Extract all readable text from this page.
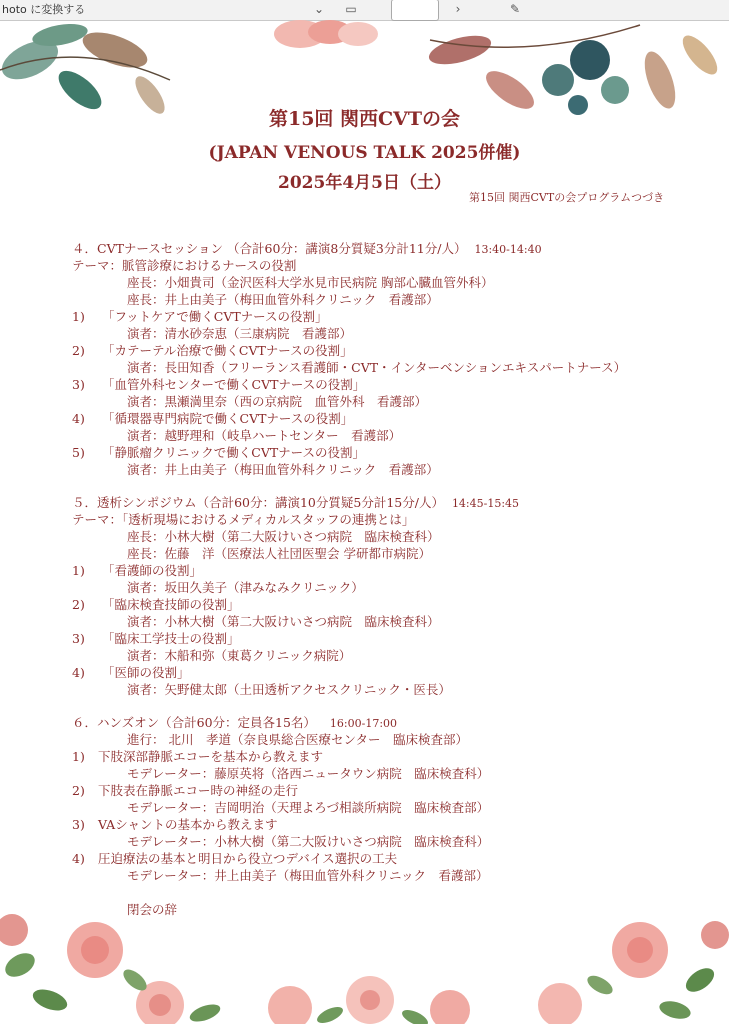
hoto に変換する	⌄ ▭	›	✎
第15回 関西CVTの会
(JAPAN VENOUS TALK 2025併催)
2025年4月5日（土）
第15回 関西CVTの会プログラムつづき
４．CVTナースセッション （合計60分：講演8分質疑3分計11分/人） 13:40-14:40
テーマ：脈管診療におけるナースの役割
座長：小畑貴司（金沢医科大学氷見市民病院 胸部心臓血管外科）
座長：井上由美子（梅田血管外科クリニック　看護部）
1) 「フットケアで働くCVTナースの役割」
演者：清水砂奈恵（三康病院　看護部）
2) 「カテーテル治療で働くCVTナースの役割」
演者：長田知香（フリーランス看護師・CVT・インターベンションエキスパートナース）
3) 「血管外科センターで働くCVTナースの役割」
演者：黒瀬満里奈（西の京病院　血管外科　看護部）
4) 「循環器専門病院で働くCVTナースの役割」
演者：越野理和（岐阜ハートセンター　看護部）
5) 「静脈瘤クリニックで働くCVTナースの役割」
演者：井上由美子（梅田血管外科クリニック　看護部）
５．透析シンポジウム（合計60分：講演10分質疑5分計15分/人） 14:45-15:45
テーマ：「透析現場におけるメディカルスタッフの連携とは」
座長：小林大樹（第二大阪けいさつ病院　臨床検査科）
座長：佐藤　洋（医療法人社団医聖会 学研都市病院）
1) 「看護師の役割」
演者：坂田久美子（津みなみクリニック）
2) 「臨床検査技師の役割」
演者：小林大樹（第二大阪けいさつ病院　臨床検査科）
3) 「臨床工学技士の役割」
演者：木船和弥（東葛クリニック病院）
4) 「医師の役割」
演者：矢野健太郎（土田透析アクセスクリニック・医長）
６．ハンズオン（合計60分：定員各15名） 16:00-17:00
進行： 北川　孝道（奈良県総合医療センター　臨床検査部）
1) 下肢深部静脈エコーを基本から教えます
モデレーター：藤原英将（洛西ニュータウン病院　臨床検査科）
2) 下肢表在静脈エコー時の神経の走行
モデレーター：吉岡明治（天理よろづ相談所病院　臨床検査部）
3) VAシャントの基本から教えます
モデレーター：小林大樹（第二大阪けいさつ病院　臨床検査科）
4) 圧迫療法の基本と明日から役立つデバイス選択の工夫
モデレーター：井上由美子（梅田血管外科クリニック　看護部）
閉会の辞
